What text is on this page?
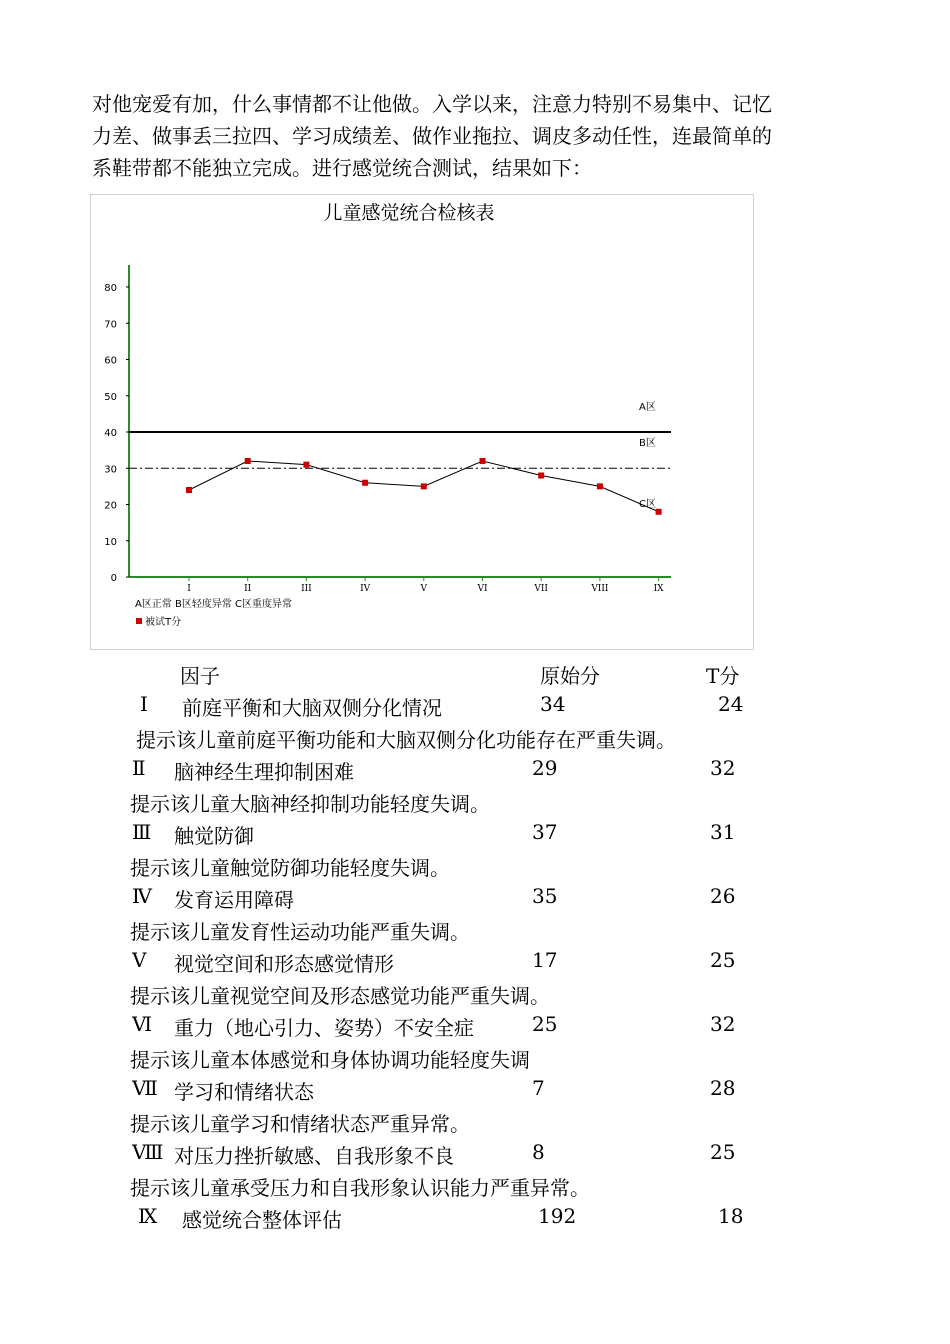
对他宠爱有加，什么事情都不让他做。入学以来，注意力特别不易集中、记忆
力差、做事丢三拉四、学习成绩差、做作业拖拉、调皮多动任性，连最简单的
系鞋带都不能独立完成。进行感觉统合测试，结果如下：
儿童感觉统合检核表
0
10
20
30
40
50
60
70
80
I	II	III	IV	V	VI	VII	VIII	IX
A区
B区
C区
A区正常 B区轻度异常 C区重度异常
被试T分
因子	原始分	T分
Ⅰ 前庭平衡和大脑双侧分化情况	34	24
提示该儿童前庭平衡功能和大脑双侧分化功能存在严重失调。
Ⅱ 脑神经生理抑制困难	29	32
提示该儿童大脑神经抑制功能轻度失调。
Ⅲ 触觉防御	37	31
提示该儿童触觉防御功能轻度失调。
Ⅳ 发育运用障碍	35	26
提示该儿童发育性运动功能严重失调。
Ⅴ 视觉空间和形态感觉情形	17	25
提示该儿童视觉空间及形态感觉功能严重失调。
Ⅵ 重力（地心引力、姿势）不安全症	25	32
提示该儿童本体感觉和身体协调功能轻度失调
Ⅶ 学习和情绪状态	7	28
提示该儿童学习和情绪状态严重异常。
Ⅷ 对压力挫折敏感、自我形象不良	8	25
提示该儿童承受压力和自我形象认识能力严重异常。
Ⅸ 感觉统合整体评估	192	18
